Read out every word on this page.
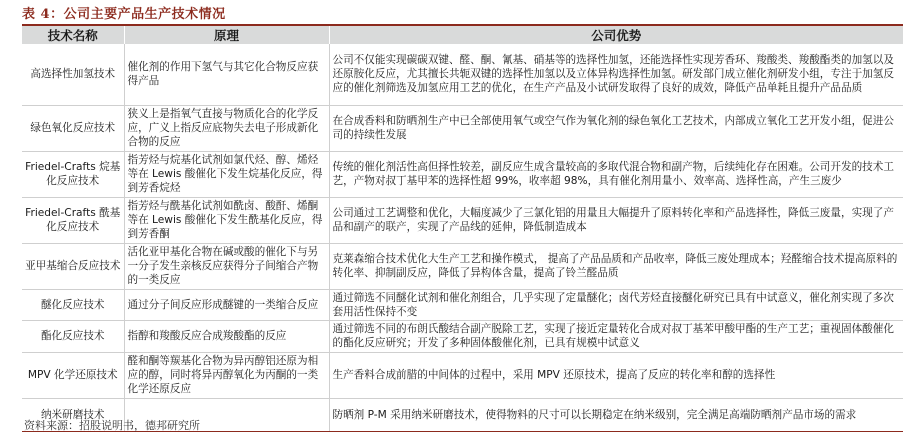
表 4：公司主要产品生产技术情况
技术名称	原理	公司优势
高选择性加氢技术	催化剂的作用下氢气与其它化合物反应获得产品	公司不仅能实现碳碳双键、醛、酮、氰基、硝基等的选择性加氢，还能选择性实现芳香环、羧酸类、羧酸酯类的加氢以及还原胺化反应，尤其擅长共轭双键的选择性加氢以及立体异构选择性加氢。研发部门成立催化剂研发小组，专注于加氢反应的催化剂筛选及加氢应用工艺的优化，在生产产品及小试研发取得了良好的成效，降低产品单耗且提升产品品质
绿色氧化反应技术	狭义上是指氧气直接与物质化合的化学反应，广义上指反应底物失去电子形成新化合物的反应	在合成香料和防晒剂生产中已全部使用氧气或空气作为氧化剂的绿色氧化工艺技术，内部成立氧化工艺开发小组，促进公司的持续性发展
Friedel-Crafts 烷基化反应技术	指芳烃与烷基化试剂如氯代烃、醇、烯烃等在 Lewis 酸催化下发生烷基化反应，得到芳香烷烃	传统的催化剂活性高但择性较差，副反应生成含量较高的多取代混合物和副产物，后续纯化存在困难。公司开发的技术工艺，产物对叔丁基甲苯的选择性超 99%，收率超 98%，具有催化剂用量小、效率高、选择性高，产生三废少
Friedel-Crafts 酰基化反应技术	指芳烃与酰基化试剂如酰卤、酸酐、烯酮等在 Lewis 酸催化下发生酰基化反应，得到芳香酮	公司通过工艺调整和优化，大幅度减少了三氯化铝的用量且大幅提升了原料转化率和产品选择性，降低三废量，实现了产品和副产的联产，实现了产品线的延伸，降低制造成本
亚甲基缩合反应技术	活化亚甲基化合物在碱或酸的催化下与另一分子发生亲核反应获得分子间缩合产物的一类反应	克莱森缩合技术优化大生产工艺和操作模式， 提高了产品品质和产品收率，降低三废处理成本；羟醛缩合技术提高原料的转化率、抑制副反应，降低了异构体含量，提高了铃兰醛品质
醚化反应技术	通过分子间反应形成醚键的一类缩合反应	通过筛选不同醚化试剂和催化剂组合，几乎实现了定量醚化；卤代芳烃直接醚化研究已具有中试意义，催化剂实现了多次套用活性保持不变
酯化反应技术	指醇和羧酸反应合成羧酸酯的反应	通过筛选不同的布朗氏酸结合副产脱除工艺，实现了接近定量转化合成对叔丁基苯甲酸甲酯的生产工艺；重视固体酸催化的酯化反应研究；开发了多种固体酸催化剂，已具有规模中试意义
MPV 化学还原技术	醛和酮等羰基化合物为异丙醇铝还原为相应的醇，同时将异丙醇氧化为丙酮的一类化学还原反应	生产香料合成前腊的中间体的过程中，采用 MPV 还原技术，提高了反应的转化率和醇的选择性
纳米研磨技术		防晒剂 P-M 采用纳米研磨技术，使得物料的尺寸可以长期稳定在纳米级别，完全满足高端防晒剂产品市场的需求
资料来源：招股说明书，德邦研究所
